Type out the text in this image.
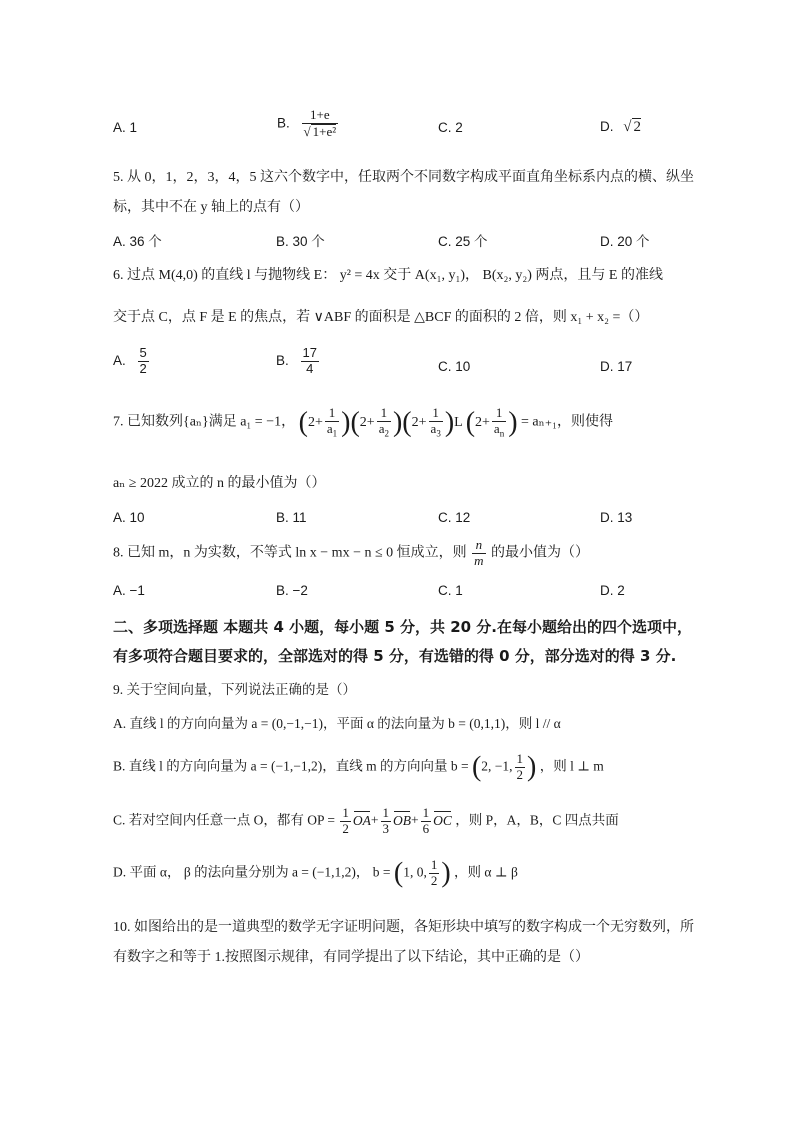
A. 1	B. $\frac{1+e}{\text{√ 1+e²}}$	C. 2	D. √ 2
5. 从 0，1，2，3，4，5 这六个数字中，任取两个不同数字构成平面直角坐标系内点的横、纵坐
标，其中不在 y 轴上的点有（）
A. 36 个	B. 30 个	C. 25 个	D. 20 个
6. 过点 M(4,0) 的直线 l 与抛物线 E： y² = 4x 交于 A(x₁, y₁)， B(x₂, y₂) 两点，且与 E 的准线
交于点 C，点 F 是 E 的焦点，若 ∨ABF 的面积是 △BCF 的面积的 2 倍，则 x₁ + x₂ =（）
A. $\frac{5}{2}$	B. $\frac{17}{4}$	C. 10	D. 17
7. 已知数列{aₙ}满足 a₁ = −1， $(2+ \frac{1}{a_1} )(2+ \frac{1}{a_2} )(2+ \frac{1}{a_3} )L$ ($2+ \frac{1}{a_n}$ ) = aₙ₊₁，则使得
aₙ ≥ 2022 成立的 n 的最小值为（）
A. 10	B. 11	C. 12	D. 13
8. 已知 m，n 为实数，不等式 ln x − mx − n ≤ 0 恒成立，则 $\frac{n}{m}$ 的最小值为（）
A. −1	B. −2	C. 1	D. 2
二、多项选择题 本题共 4 小题，每小题 5 分，共 20 分.在每小题给出的四个选项中，
有多项符合题目要求的，全部选对的得 5 分，有选错的得 0 分，部分选对的得 3 分.
9. 关于空间向量，下列说法正确的是（）
A. 直线 l 的方向向量为 a = (0,−1,−1)，平面 α 的法向量为 b = (0,1,1)，则 l // α
B. 直线 l 的方向向量为 a = (−1,−1,2)，直线 m 的方向向量 b = (2, −1, $\frac{1}{2}$ ) ，则 l ⊥ m
C. 若对空间内任意一点 O，都有 OP = $\frac{1}{2} OA+ \frac{1}{3} OB+ \frac{1}{6}$ OC ，则 P，A，B，C 四点共面
D. 平面 α， β 的法向量分别为 a = (−1,1,2)， b = (1, 0, $\frac{1}{2}$ ) ，则 α ⊥ β
10. 如图给出的是一道典型的数学无字证明问题，各矩形块中填写的数字构成一个无穷数列，所
有数字之和等于 1.按照图示规律，有同学提出了以下结论，其中正确的是（）
